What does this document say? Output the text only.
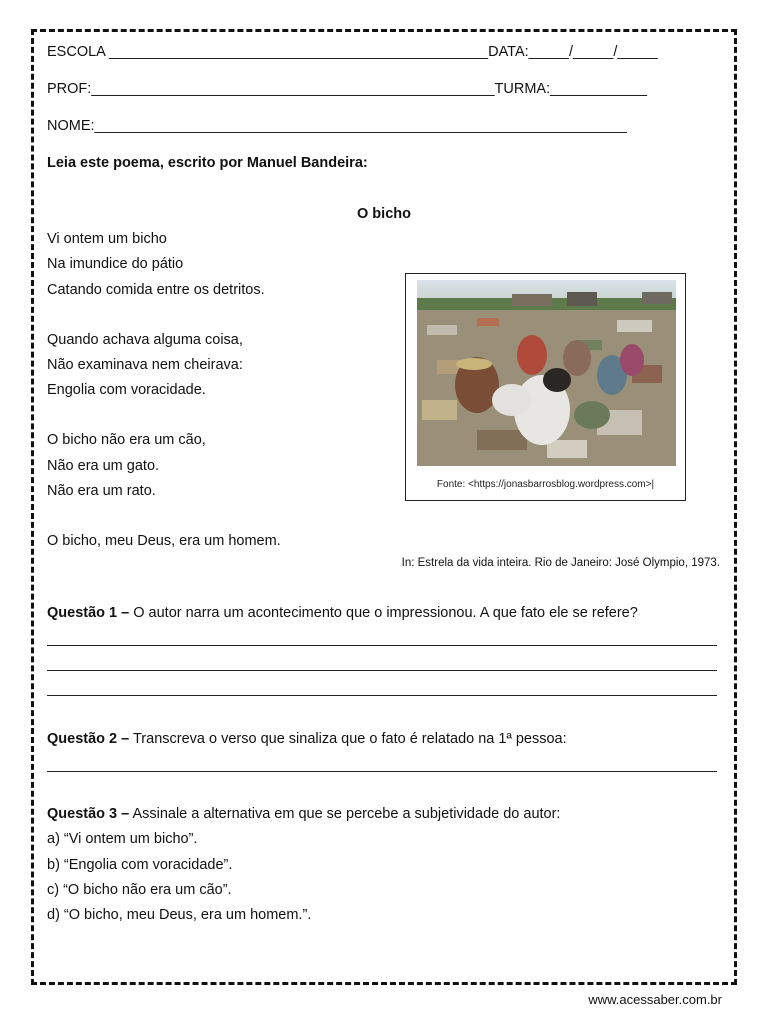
ESCOLA _______________________________________________DATA:_____/_____/_____
PROF:__________________________________________________TURMA:____________
NOME:__________________________________________________________________
Leia este poema, escrito por Manuel Bandeira:
O bicho
Vi ontem um bicho
Na imundice do pátio
Catando comida entre os detritos.
Quando achava alguma coisa,
Não examinava nem cheirava:
Engolia com voracidade.
O bicho não era um cão,
Não era um gato.
Não era um rato.
O bicho, meu Deus, era um homem.
In: Estrela da vida inteira. Rio de Janeiro: José Olympio, 1973.
Fonte: <https://jonasbarrosblog.wordpress.com>|
Questão 1 – O autor narra um acontecimento que o impressionou. A que fato ele se refere?
Questão 2 – Transcreva o verso que sinaliza que o fato é relatado na 1ª pessoa:
Questão 3 – Assinale a alternativa em que se percebe a subjetividade do autor:
a) “Vi ontem um bicho”.
b) “Engolia com voracidade”.
c) “O bicho não era um cão”.
d) “O bicho, meu Deus, era um homem.”.
www.acessaber.com.br
